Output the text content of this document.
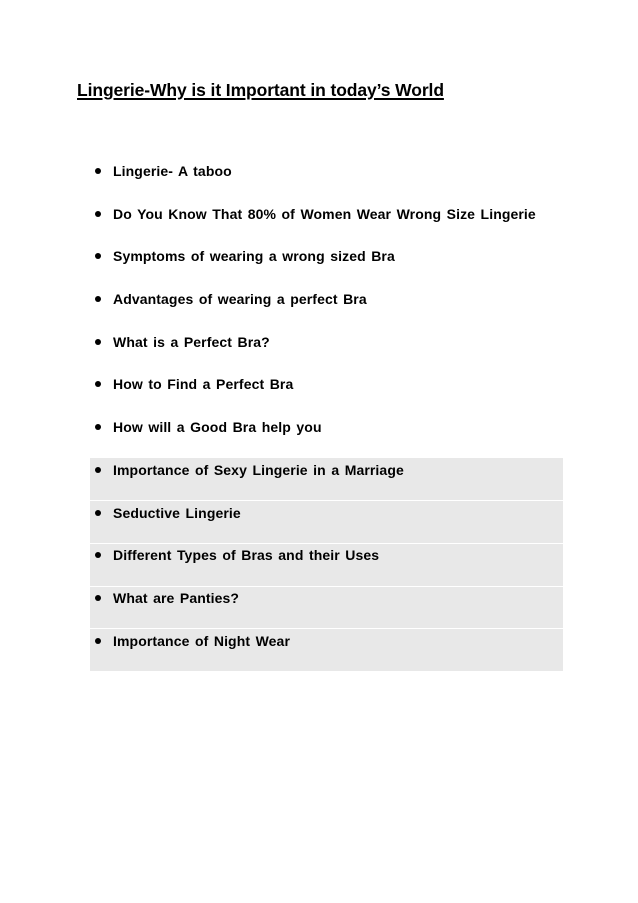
Lingerie-Why is it Important in today’s World
Lingerie- A taboo
Do You Know That 80% of Women Wear Wrong Size Lingerie
Symptoms of wearing a wrong sized Bra
Advantages of wearing a perfect Bra
What is a Perfect Bra?
How to Find a Perfect Bra
How will a Good Bra help you
Importance of Sexy Lingerie in a Marriage
Seductive Lingerie
Different Types of Bras and their Uses
What are Panties?
Importance of Night Wear
